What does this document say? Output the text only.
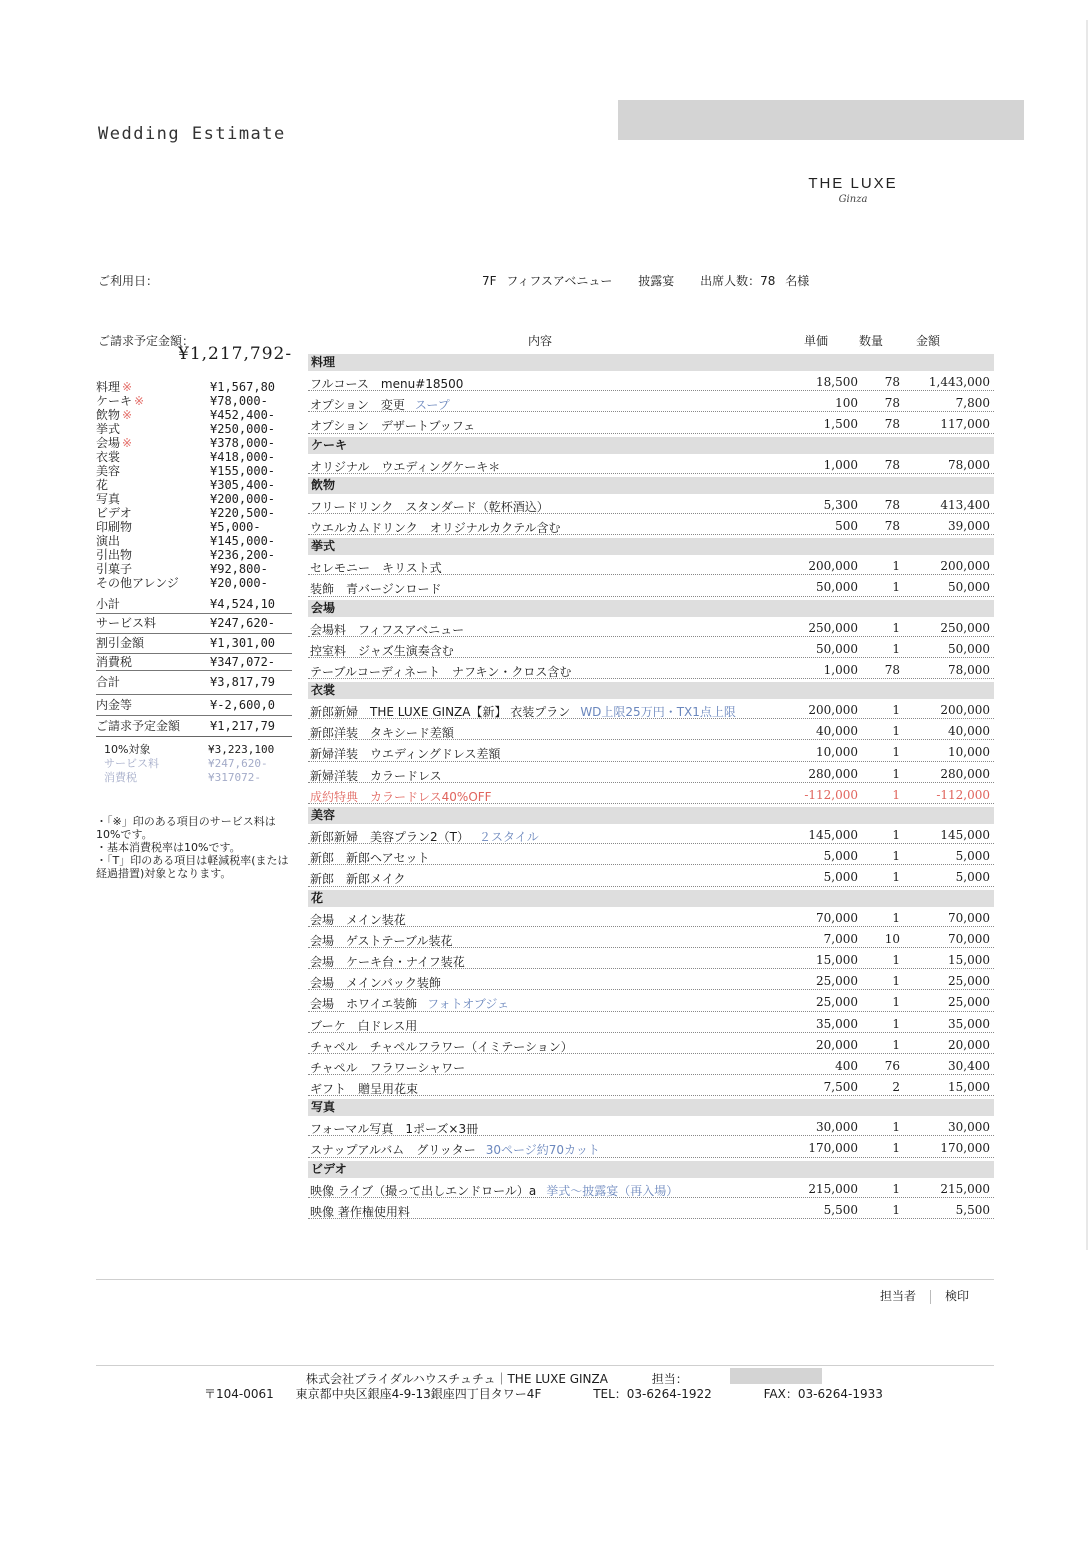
Wedding Estimate
THE LUXE
Ginza
ご利用日：	7F フィフスアベニュー 披露宴 出席人数：78 名様
ご請求予定金額：
¥1,217,792-
料理 ※	¥1,567,80
ケーキ ※	¥78,000-
飲物 ※	¥452,400-
挙式	¥250,000-
会場 ※	¥378,000-
衣裳	¥418,000-
美容	¥155,000-
花	¥305,400-
写真	¥200,000-
ビデオ	¥220,500-
印刷物	¥5,000-
演出	¥145,000-
引出物	¥236,200-
引菓子	¥92,800-
その他アレンジ	¥20,000-
小計	¥4,524,10
サービス料	¥247,620-
割引金額	¥1,301,00
消費税	¥347,072-
合計	¥3,817,79
内金等	¥-2,600,0
ご請求予定金額 ¥1,217,79
10%対象	¥3,223,100
サービス料	¥247,620-
消費税	¥317072-
・「※」印のある項目のサービス料は10%です。
・基本消費税率は10%です。
・「T」印のある項目は軽減税率(または経過措置)対象となります。
内容	単価	数量	金額
料理
フルコース　menu#18500	18,500 78 1,443,000
オプション　変更 スープ	100 78	7,800
オプション　デザートブッフェ	1,500 78	117,000
ケーキ
オリジナル　ウエディングケーキ＊	1,000 78	78,000
飲物
フリードリンク　スタンダード（乾杯酒込）	5,300 78	413,400
ウエルカムドリンク　オリジナルカクテル含む	500 78	39,000
挙式
セレモニー　キリスト式	200,000	1	200,000
装飾　青バージンロード	50,000	1	50,000
会場
会場料　フィフスアベニュー	250,000	1	250,000
控室料　ジャズ生演奏含む	50,000	1	50,000
テーブルコーディネート　ナフキン・クロス含む	1,000 78	78,000
衣裳
新郎新婦　THE LUXE GINZA【新】 衣装プラン WD上限25万円・TX1点上限	200,000	1	200,000
新郎洋装　タキシード差額	40,000	1	40,000
新婦洋装　ウエディングドレス差額	10,000	1	10,000
新婦洋装　カラードレス	280,000	1	280,000
成約特典　カラードレス40%OFF	-112,000	1	-112,000
美容
新郎新婦　美容プラン2（T） ２スタイル	145,000	1	145,000
新郎　新郎ヘアセット	5,000	1	5,000
新郎　新郎メイク	5,000	1	5,000
花
会場　メイン装花	70,000	1	70,000
会場　ゲストテーブル装花	7,000 10	70,000
会場　ケーキ台・ナイフ装花	15,000	1	15,000
会場　メインバック装飾	25,000	1	25,000
会場　ホワイエ装飾 フォトオブジェ	25,000	1	25,000
ブーケ　白ドレス用	35,000	1	35,000
チャペル　チャペルフラワー（イミテーション）	20,000	1	20,000
チャペル　フラワーシャワー	400 76	30,400
ギフト　贈呈用花束	7,500	2	15,000
写真
フォーマル写真　1ポーズ×3冊	30,000	1	30,000
スナップアルバム　グリッター 30ページ約70カット	170,000	1	170,000
ビデオ
映像 ライブ（撮って出しエンドロール）a 挙式～披露宴（再入場）	215,000	1	215,000
映像 著作権使用料	5,500	1	5,500
担当者 検印
株式会社ブライダルハウスチュチュ｜THE LUXE GINZA	担当：
〒104-0061 東京都中央区銀座4-9-13銀座四丁目タワー4F	TEL：03-6264-1922	FAX：03-6264-1933
